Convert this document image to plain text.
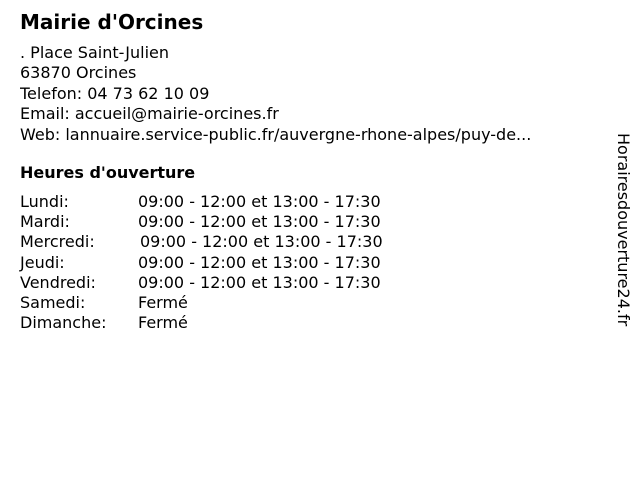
Mairie d'Orcines
. Place Saint-Julien
63870 Orcines
Telefon: 04 73 62 10 09
Email: accueil@mairie-orcines.fr
Web: lannuaire.service-public.fr/auvergne-rhone-alpes/puy-de...
Heures d'ouverture
Lundi:	09:00 - 12:00 et 13:00 - 17:30
Mardi:	09:00 - 12:00 et 13:00 - 17:30
Mercredi:	09:00 - 12:00 et 13:00 - 17:30
Jeudi:	09:00 - 12:00 et 13:00 - 17:30
Vendredi:	09:00 - 12:00 et 13:00 - 17:30
Samedi:	Fermé
Dimanche: Fermé	Horairesdouverture24.fr
